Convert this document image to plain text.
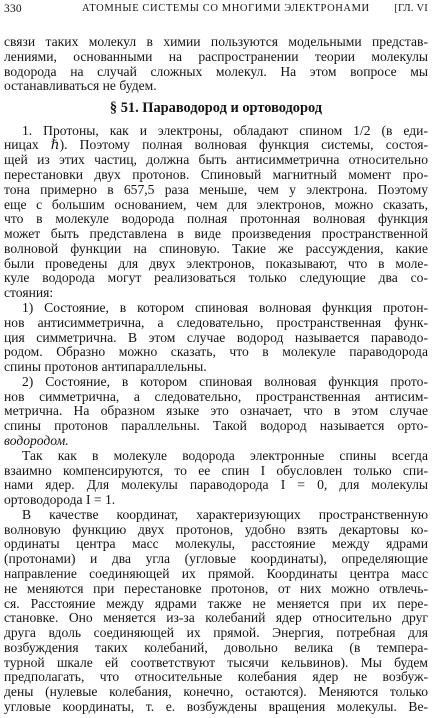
330	АТОМНЫЕ СИСТЕМЫ СО МНОГИМИ ЭЛЕКТРОНАМИ [ГЛ. VI
связи таких молекул в химии пользуются модельными представ-
лениями, основанными на распространении теории молекулы
водорода на случай сложных молекул. На этом вопросе мы
останавливаться не будем.
§ 51. Параводород и ортоводород
1. Протоны, как и электроны, обладают спином 1/2 (в еди-
ницах ℏ). Поэтому полная волновая функция системы, состоя-
щей из этих частиц, должна быть антисимметрична относительно
перестановки двух протонов. Спиновый магнитный момент про-
тона примерно в 657,5 раза меньше, чем у электрона. Поэтому
еще с большим основанием, чем для электронов, можно сказать,
что в молекуле водорода полная протонная волновая функция
может быть представлена в виде произведения пространственной
волновой функции на спиновую. Такие же рассуждения, какие
были проведены для двух электронов, показывают, что в моле-
куле водорода могут реализоваться только следующие два со-
стояния:
1) Состояние, в котором спиновая волновая функция протон-
нов антисимметрична, а следовательно, пространственная функ-
ция симметрична. В этом случае водород называется параводо-
родом. Образно можно сказать, что в молекуле параводорода
спины протонов антипараллельны.
2) Состояние, в котором спиновая волновая функция прото-
нов симметрична, а следовательно, пространственная антисим-
метрична. На образном языке это означает, что в этом случае
спины протонов параллельны. Такой водород называется орто-
водородом.
Так как в молекуле водорода электронные спины всегда
взаимно компенсируются, то ее спин I обусловлен только спи-
нами ядер. Для молекулы параводорода I = 0, для молекулы
ортоводорода I = 1.
В качестве координат, характеризующих пространственную
волновую функцию двух протонов, удобно взять декартовы ко-
ординаты центра масс молекулы, расстояние между ядрами
(протонами) и два угла (угловые координаты), определяющие
направление соединяющей их прямой. Координаты центра масс
не меняются при перестановке протонов, от них можно отвлечь-
ся. Расстояние между ядрами также не меняется при их пере-
становке. Оно меняется из-за колебаний ядер относительно друг
друга вдоль соединяющей их прямой. Энергия, потребная для
возбуждения таких колебаний, довольно велика (в темпера-
турной шкале ей соответствуют тысячи кельвинов). Мы будем
предполагать, что относительные колебания ядер не возбуж-
дены (нулевые колебания, конечно, остаются). Меняются только
угловые координаты, т. е. возбуждены вращения молекулы. Ве-
